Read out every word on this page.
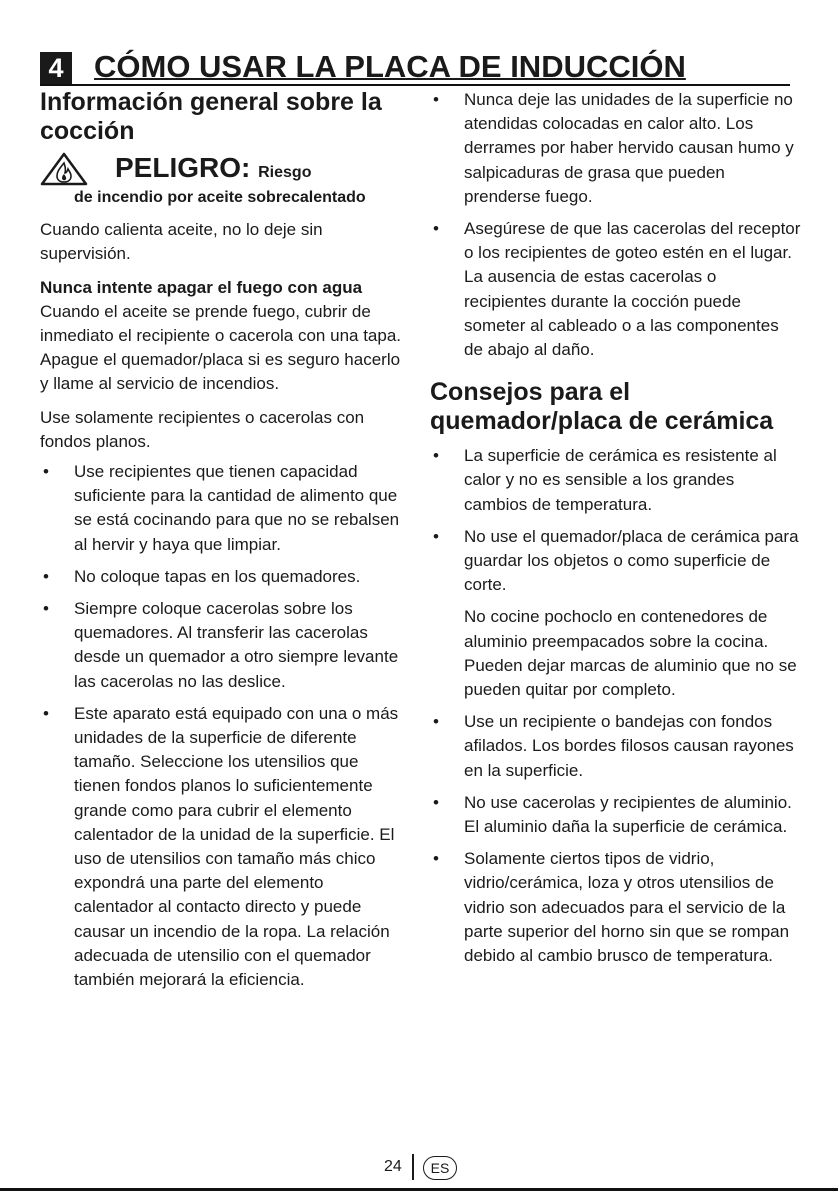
4 CÓMO USAR LA PLACA DE INDUCCIÓN
Información general sobre la cocción
PELIGRO: Riesgo
de incendio por aceite sobrecalentado

Cuando calienta aceite, no lo deje sin supervisión.

Nunca intente apagar el fuego con agua Cuando el aceite se prende fuego, cubrir de inmediato el recipiente o cacerola con una tapa. Apague el quemador/placa si es seguro hacerlo y llame al servicio de incendios.

Use solamente recipientes o cacerolas con fondos planos.

• Use recipientes que tienen capacidad suficiente para la cantidad de alimento que se está cocinando para que no se rebalsen al hervir y haya que limpiar.
• No coloque tapas en los quemadores.
• Siempre coloque cacerolas sobre los quemadores. Al transferir las cacerolas desde un quemador a otro siempre levante las cacerolas no las deslice.
• Este aparato está equipado con una o más unidades de la superficie de diferente tamaño. Seleccione los utensilios que tienen fondos planos lo suficientemente grande como para cubrir el elemento calentador de la unidad de la superficie. El uso de utensilios con tamaño más chico expondrá una parte del elemento calentador al contacto directo y puede causar un incendio de la ropa. La relación adecuada de utensilio con el quemador también mejorará la eficiencia.
• Nunca deje las unidades de la superficie no atendidas colocadas en calor alto. Los derrames por haber hervido causan humo y salpicaduras de grasa que pueden prenderse fuego.
• Asegúrese de que las cacerolas del receptor o los recipientes de goteo estén en el lugar. La ausencia de estas cacerolas o recipientes durante la cocción puede someter al cableado o a las componentes de abajo al daño.
Consejos para el quemador/placa de cerámica
• La superficie de cerámica es resistente al calor y no es sensible a los grandes cambios de temperatura.
• No use el quemador/placa de cerámica para guardar los objetos o como superficie de corte.
No cocine pochoclo en contenedores de aluminio preempacados sobre la cocina. Pueden dejar marcas de aluminio que no se pueden quitar por completo.
• Use un recipiente o bandejas con fondos afilados. Los bordes filosos causan rayones en la superficie.
• No use cacerolas y recipientes de aluminio. El aluminio daña la superficie de cerámica.
• Solamente ciertos tipos de vidrio, vidrio/cerámica, loza y otros utensilios de vidrio son adecuados para el servicio de la parte superior del horno sin que se rompan debido al cambio brusco de temperatura.
24	ES
